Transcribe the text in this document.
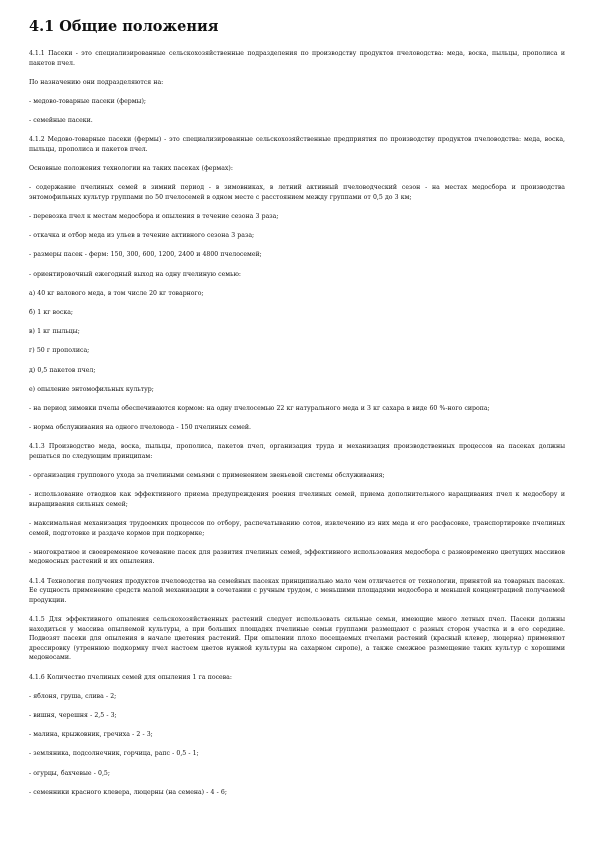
4.1 Общие положения
4.1.1 Пасеки - это специализированные сельскохозяйственные подразделения по производству продуктов пчеловодства: меда, воска, пыльцы, прополиса и пакетов пчел.
По назначению они подразделяются на:
- медово-товарные пасеки (фермы);
- семейные пасеки.
4.1.2 Медово-товарные пасеки (фермы) - это специализированные сельскохозяйственные предприятия по производству продуктов пчеловодства: меда, воска, пыльцы, прополиса и пакетов пчел.
Основные положения технологии на таких пасеках (фермах):
- содержание пчелиных семей в зимний период - в зимовниках, в летний активный пчеловодческий сезон - на местах медосбора и производства энтомофильных культур группами по 50 пчелосемей в одном месте с расстоянием между группами от 0,5 до 3 км;
- перевозка пчел к местам медосбора и опыления в течение сезона 3 раза;
- откачка и отбор меда из ульев в течение активного сезона 3 раза;
- размеры пасек - ферм: 150, 300, 600, 1200, 2400 и 4800 пчелосемей;
- ориентировочный ежегодный выход на одну пчелиную семью:
а) 40 кг валового меда, в том числе 20 кг товарного;
б) 1 кг воска;
в) 1 кг пыльцы;
г) 50 г прополиса;
д) 0,5 пакетов пчел;
е) опыление энтомофильных культур;
- на период зимовки пчелы обеспечиваются кормом: на одну пчелосемью 22 кг натурального меда и 3 кг сахара в виде 60 %-ного сиропа;
- норма обслуживания на одного пчеловода - 150 пчелиных семей.
4.1.3 Производство меда, воска, пыльцы, прополиса, пакетов пчел, организация труда и механизация производственных процессов на пасеках должны решаться по следующим принципам:
- организация группового ухода за пчелиными семьями с применением звеньевой системы обслуживания;
- использование отводков как эффективного приема предупреждения роения пчелиных семей, приема дополнительного наращивания пчел к медосбору и выращивания сильных семей;
- максимальная механизация трудоемких процессов по отбору, распечатыванию сотов, извлечению из них меда и его расфасовке, транспортировке пчелиных семей, подготовке и раздаче кормов при подкормке;
- многократное и своевременное кочевание пасек для развития пчелиных семей, эффективного использования медосбора с разновременно цветущих массивов медоносных растений и их опыления.
4.1.4 Технология получения продуктов пчеловодства на семейных пасеках принципиально мало чем отличается от технологии, принятой на товарных пасеках. Ее сущность применение средств малой механизации в сочетании с ручным трудом, с меньшими площадями медосбора и меньшей концентрацией получаемой продукции.
4.1.5 Для эффективного опыления сельскохозяйственных растений следует использовать сильные семьи, имеющие много летных пчел. Пасеки должны находиться у массива опыляемой культуры, а при больших площадях пчелиные семьи группами размещают с разных сторон участка и в его середине. Подвозят пасеки для опыления в начале цветения растений. При опылении плохо посещаемых пчелами растений (красный клевер, люцерна) применяют дрессировку (утреннюю подкормку пчел настоем цветов нужной культуры на сахарном сиропе), а также смежное размещение таких культур с хорошими медоносами.
4.1.6 Количество пчелиных семей для опыления 1 га посева:
- яблоня, груша, слива - 2;
- вишня, черешня - 2,5 - 3;
- малина, крыжовник, гречиха - 2 - 3;
- земляника, подсолнечник, горчица, рапс - 0,5 - 1;
- огурцы, бахчевые - 0,5;
- семенники красного клевера, люцерны (на семена) - 4 - 6;
